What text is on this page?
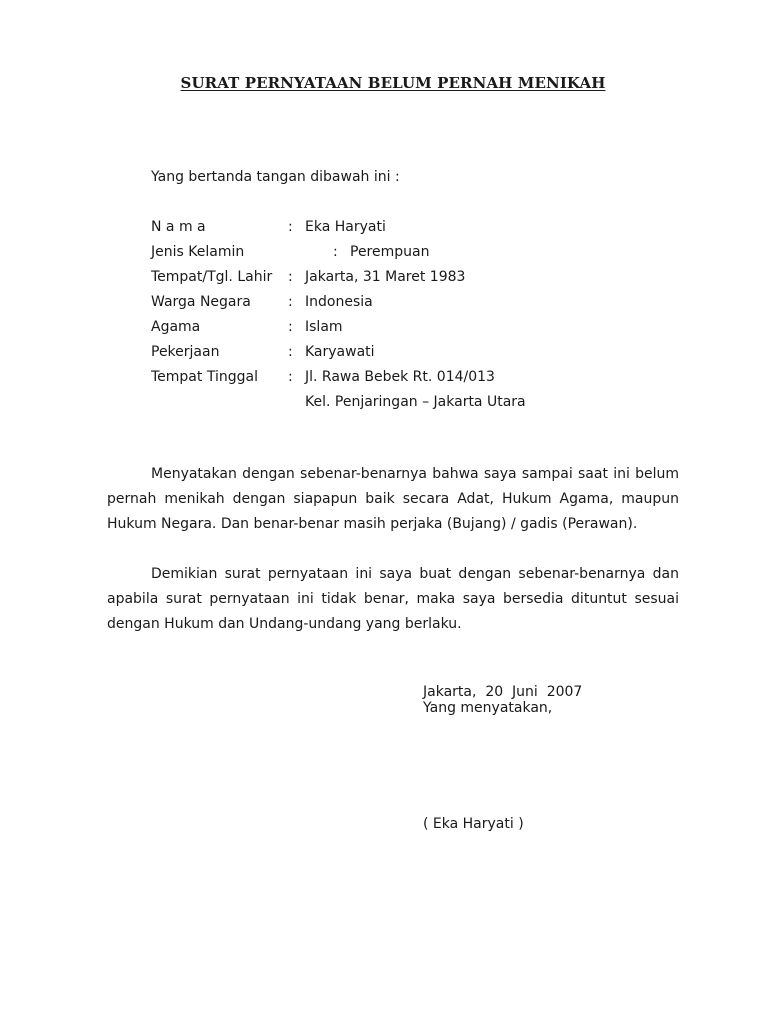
SURAT PERNYATAAN BELUM PERNAH MENIKAH
Yang bertanda tangan dibawah ini :
N a m a	: Eka Haryati
Jenis Kelamin	: Perempuan
Tempat/Tgl. Lahir : Jakarta, 31 Maret 1983
Warga Negara	: Indonesia
Agama	: Islam
Pekerjaan	: Karyawati
Tempat Tinggal : Jl. Rawa Bebek Rt. 014/013
Kel. Penjaringan – Jakarta Utara
Menyatakan dengan sebenar-benarnya bahwa saya sampai saat ini belum pernah menikah dengan siapapun baik secara Adat, Hukum Agama, maupun Hukum Negara. Dan benar-benar masih perjaka (Bujang) / gadis (Perawan).
Demikian surat pernyataan ini saya buat dengan sebenar-benarnya dan apabila surat pernyataan ini tidak benar, maka saya bersedia dituntut sesuai dengan Hukum dan Undang-undang yang berlaku.
Jakarta,  20  Juni  2007
Yang menyatakan,
( Eka Haryati )
